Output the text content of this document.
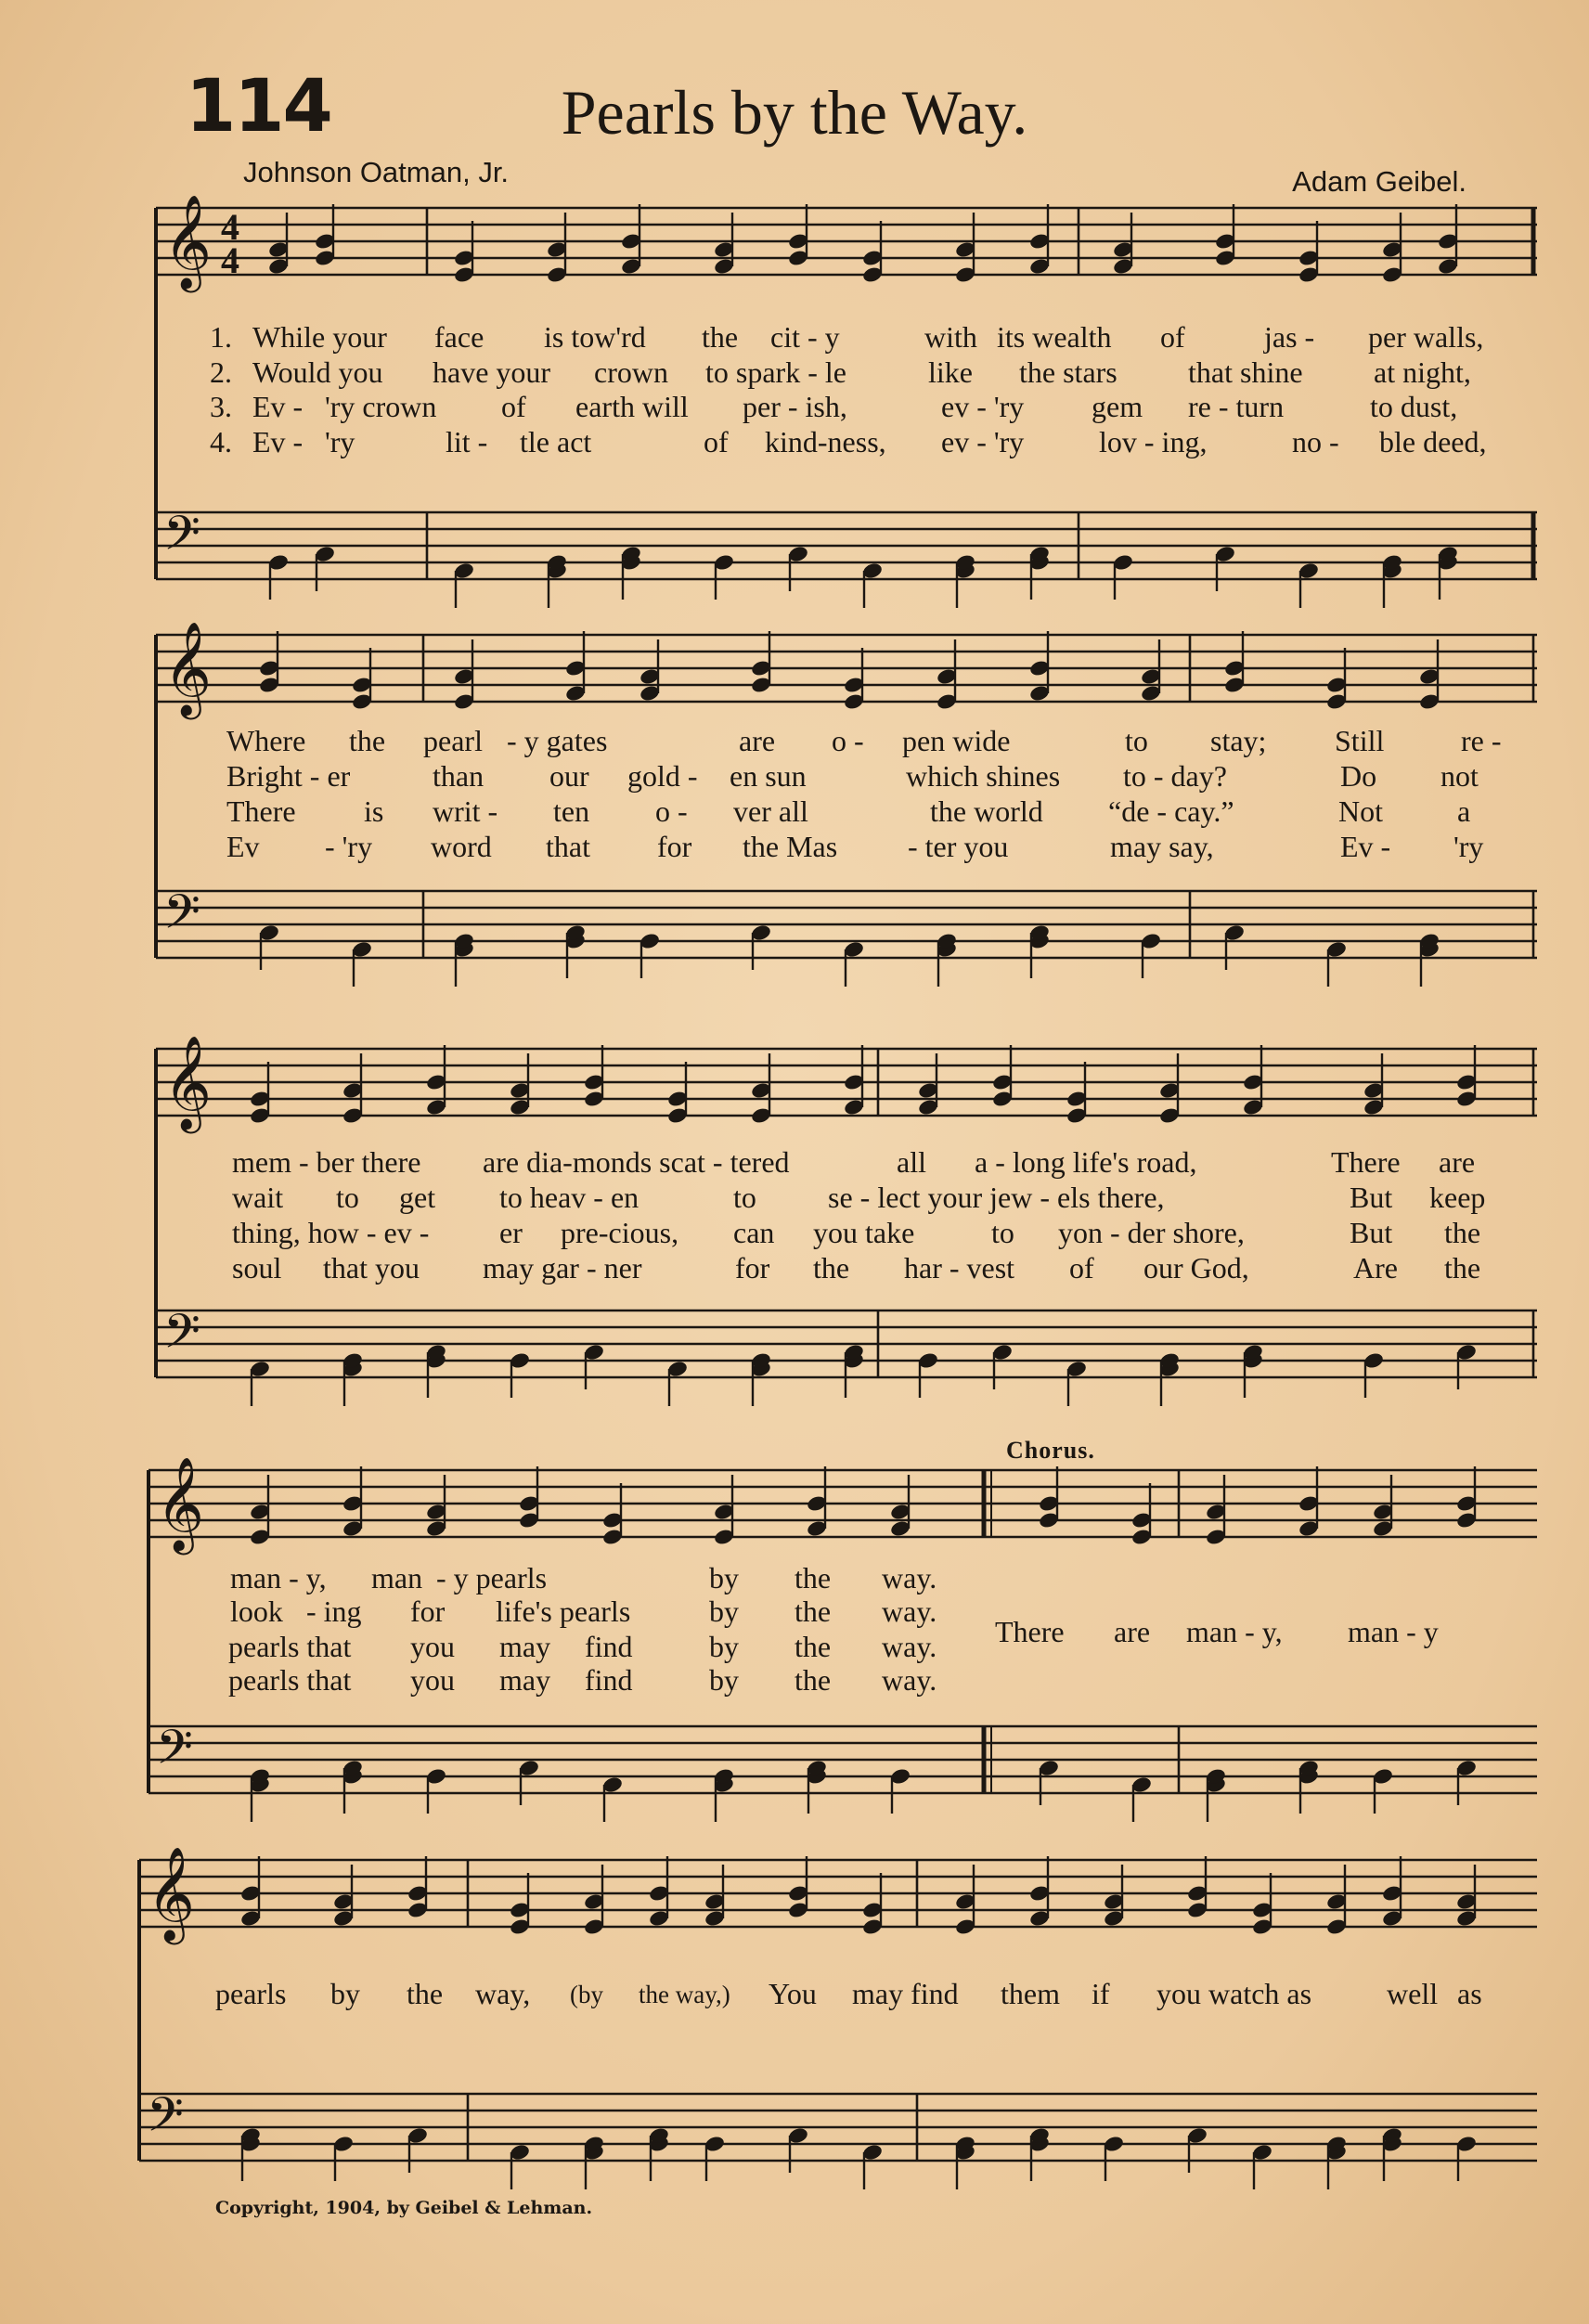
114	Pearls by the Way.
Johnson Oatman, Jr.	Adam Geibel.
𝄞
𝄢
4
4
1. While your face is tow'rd the cit - y	with its wealth of	jas - per walls,
2. Would you have your crown to spark - le	like the stars that shine at night,
3. Ev - 'ry crown of earth will per - ish,	ev - 'ry gem re - turn	to dust,
4. Ev - 'ry	lit - tle act	of kind-ness, ev - 'ry	lov - ing,	no - ble deed,
𝄞
𝄢
Where the pearl - y gates	are o - pen wide	to stay; Still	re -
Bright - er	than our gold - en sun	which shines to - day?	Do not
There is writ - ten o - ver all	the world “de - cay.”	Not	a
Ev - 'ry word that for the Mas - ter you	may say,	Ev - 'ry
𝄞
𝄢
mem - ber there are dia-monds scat - tered	all a - long life's road,	There are
wait to get to heav - en	to se - lect your jew - els there,	But keep
thing, how - ev - er pre-cious, can you take	to yon - der shore,	But the
soul that you may gar - ner	for the har - vest of our God,	Are the
Chorus.
𝄞
𝄢
man - y, man - y pearls	by the way.
look - ing for life's pearls	by the way.
pearls that you may find	by the way.
pearls that you may find	by the way.
There are man - y, man - y
𝄞
𝄢
pearls by the way, (by the way,) You may find them if you watch as	well as
Copyright, 1904, by Geibel & Lehman.
